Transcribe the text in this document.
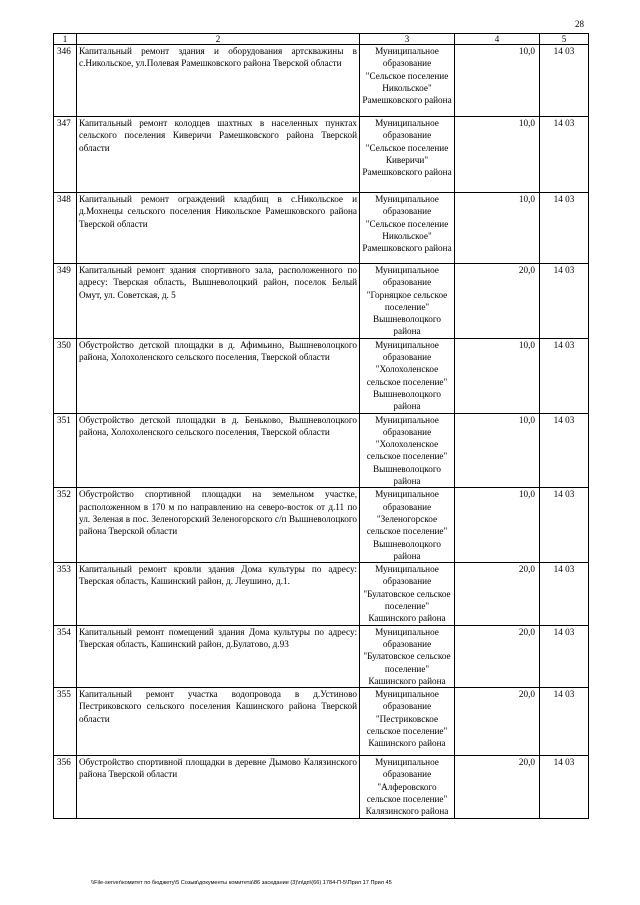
28
1	2	3	4	5
346	Капитальный ремонт здания и оборудования артскважины в с.Никольское, ул.Полевая Рамешковского района Тверской области	Муниципальное образование "Сельское поселение Никольское" Рамешковского района	10,0	14 03
347	Капитальный ремонт колодцев шахтных в населенных пунктах сельского поселения Киверичи Рамешковского района Тверской области	Муниципальное образование "Сельское поселение Киверичи" Рамешковского района	10,0	14 03
348	Капитальный ремонт ограждений кладбищ в с.Никольское и д.Мохнецы сельского поселения Никольское Рамешковского района Тверской области	Муниципальное образование "Сельское поселение Никольское" Рамешковского района	10,0	14 03
349	Капитальный ремонт здания спортивного зала, расположенного по адресу: Тверская область, Вышневолоцкий район, поселок Белый Омут, ул. Советская, д. 5	Муниципальное образование "Горняцкое сельское поселение" Вышневолоцкого района	20,0	14 03
350	Обустройство детской площадки в д. Афимьино, Вышневолоцкого района, Холохоленского сельского поселения, Тверской области	Муниципальное образование "Холохоленское сельское поселение" Вышневолоцкого района	10,0	14 03
351	Обустройство детской площадки в д. Беньково, Вышневолоцкого района, Холохоленского сельского поселения, Тверской области	Муниципальное образование "Холохоленское сельское поселение" Вышневолоцкого района	10,0	14 03
352	Обустройство спортивной площадки на земельном участке, расположенном в 170 м по направлению на северо-восток от д.11 по ул. Зеленая в пос. Зеленогорский Зеленогорского с/п Вышневолоцкого района Тверской области	Муниципальное образование "Зеленогорское сельское поселение" Вышневолоцкого района	10,0	14 03
353	Капитальный ремонт кровли здания Дома культуры по адресу: Тверская область, Кашинский район, д. Леушино, д.1.	Муниципальное образование "Булатовское сельское поселение" Кашинского района	20,0	14 03
354	Капитальный ремонт помещений здания Дома культуры по адресу: Тверская область, Кашинский район, д.Булатово, д.93	Муниципальное образование "Булатовское сельское поселение" Кашинского района	20,0	14 03
355	Капитальный ремонт участка водопровода в д.Устиново Пестриковского сельского поселения Кашинского района Тверской области	Муниципальное образование "Пестриковское сельское поселение" Кашинского района	20,0	14 03
356	Обустройство спортивной площадки в деревне Дымово Калязинского района Тверской области	Муниципальное образование "Алферовского сельское поселение" Калязинского района	20,0	14 03
\\File-server\комитет по бюджету\5 Созыв\документы комитета\86 заседание (3)\п\дп\(66) 1784-П-5\Прил 17 Прил 45
